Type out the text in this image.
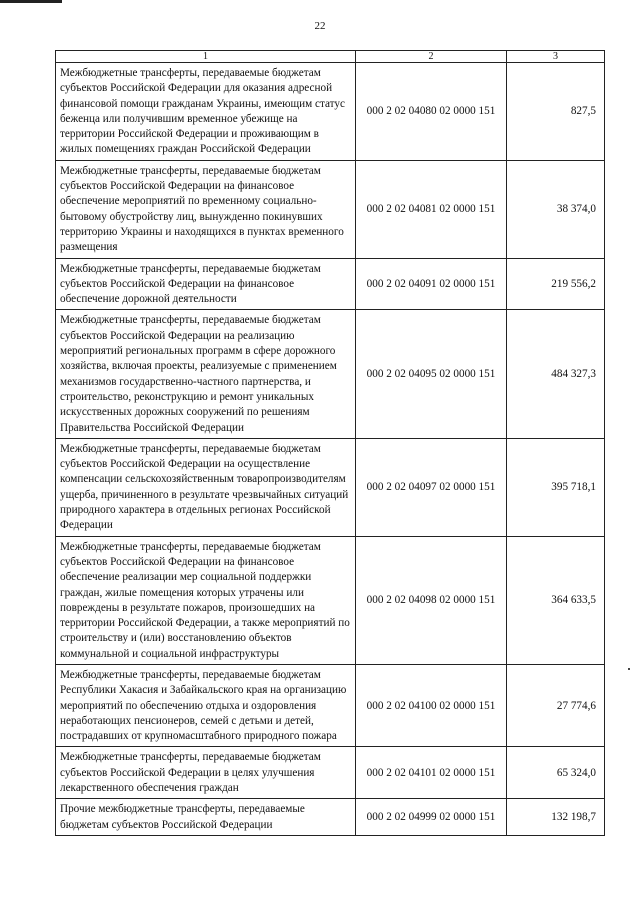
22
1	2	3
Межбюджетные трансферты, передаваемые бюджетам субъектов Российской Федерации для оказания адресной финансовой помощи гражданам Украины, имеющим статус беженца или получившим временное убежище на территории Российской Федерации и проживающим в жилых помещениях граждан Российской Федерации	000 2 02 04080 02 0000 151	827,5
Межбюджетные трансферты, передаваемые бюджетам субъектов Российской Федерации на финансовое обеспечение мероприятий по временному социально-бытовому обустройству лиц, вынужденно покинувших территорию Украины и находящихся в пунктах временного размещения	000 2 02 04081 02 0000 151	38 374,0
Межбюджетные трансферты, передаваемые бюджетам субъектов Российской Федерации на финансовое обеспечение дорожной деятельности	000 2 02 04091 02 0000 151	219 556,2
Межбюджетные трансферты, передаваемые бюджетам субъектов Российской Федерации на реализацию мероприятий региональных программ в сфере дорожного хозяйства, включая проекты, реализуемые с применением механизмов государственно-частного партнерства, и строительство, реконструкцию и ремонт уникальных искусственных дорожных сооружений по решениям Правительства Российской Федерации	000 2 02 04095 02 0000 151	484 327,3
Межбюджетные трансферты, передаваемые бюджетам субъектов Российской Федерации на осуществление компенсации сельскохозяйственным товаропроизводителям ущерба, причиненного в результате чрезвычайных ситуаций природного характера в отдельных регионах Российской Федерации	000 2 02 04097 02 0000 151	395 718,1
Межбюджетные трансферты, передаваемые бюджетам субъектов Российской Федерации на финансовое обеспечение реализации мер социальной поддержки граждан, жилые помещения которых утрачены или повреждены в результате пожаров, произошедших на территории Российской Федерации, а также мероприятий по строительству и (или) восстановлению объектов коммунальной и социальной инфраструктуры	000 2 02 04098 02 0000 151	364 633,5
Межбюджетные трансферты, передаваемые бюджетам Республики Хакасия и Забайкальского края на организацию мероприятий по обеспечению отдыха и оздоровления неработающих пенсионеров, семей с детьми и детей, пострадавших от крупномасштабного природного пожара	000 2 02 04100 02 0000 151	27 774,6
Межбюджетные трансферты, передаваемые бюджетам субъектов Российской Федерации в целях улучшения лекарственного обеспечения граждан	000 2 02 04101 02 0000 151	65 324,0
Прочие межбюджетные трансферты, передаваемые бюджетам субъектов Российской Федерации	000 2 02 04999 02 0000 151	132 198,7
